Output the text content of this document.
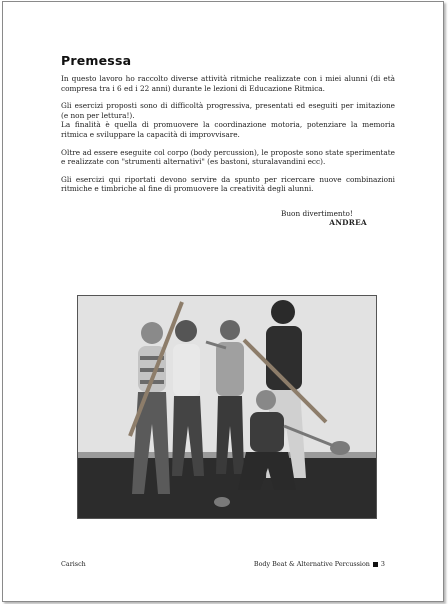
Premessa

In questo lavoro ho raccolto diverse attività ritmiche realizzate con i miei alunni (di età compresa tra i 6 ed i 22 anni) durante le lezioni di Educazione Ritmica.

Gli esercizi proposti sono di difficoltà progressiva, presentati ed eseguiti per imitazione (e non per lettura!).

La finalità è quella di promuovere la coordinazione motoria, potenziare la memoria ritmica e sviluppare la capacità di improvvisare.

Oltre ad essere eseguite col corpo (body percussion), le proposte sono state sperimentate e realizzate con "strumenti alternativi" (es bastoni, sturalavandini ecc).

Gli esercizi qui riportati devono servire da spunto per ricercare nuove combinazioni ritmiche e timbriche al fine di promuovere la creatività degli alunni.

Buon divertimento!

ANDREA
Carisch	Body Beat & Alternative Percussion 3
